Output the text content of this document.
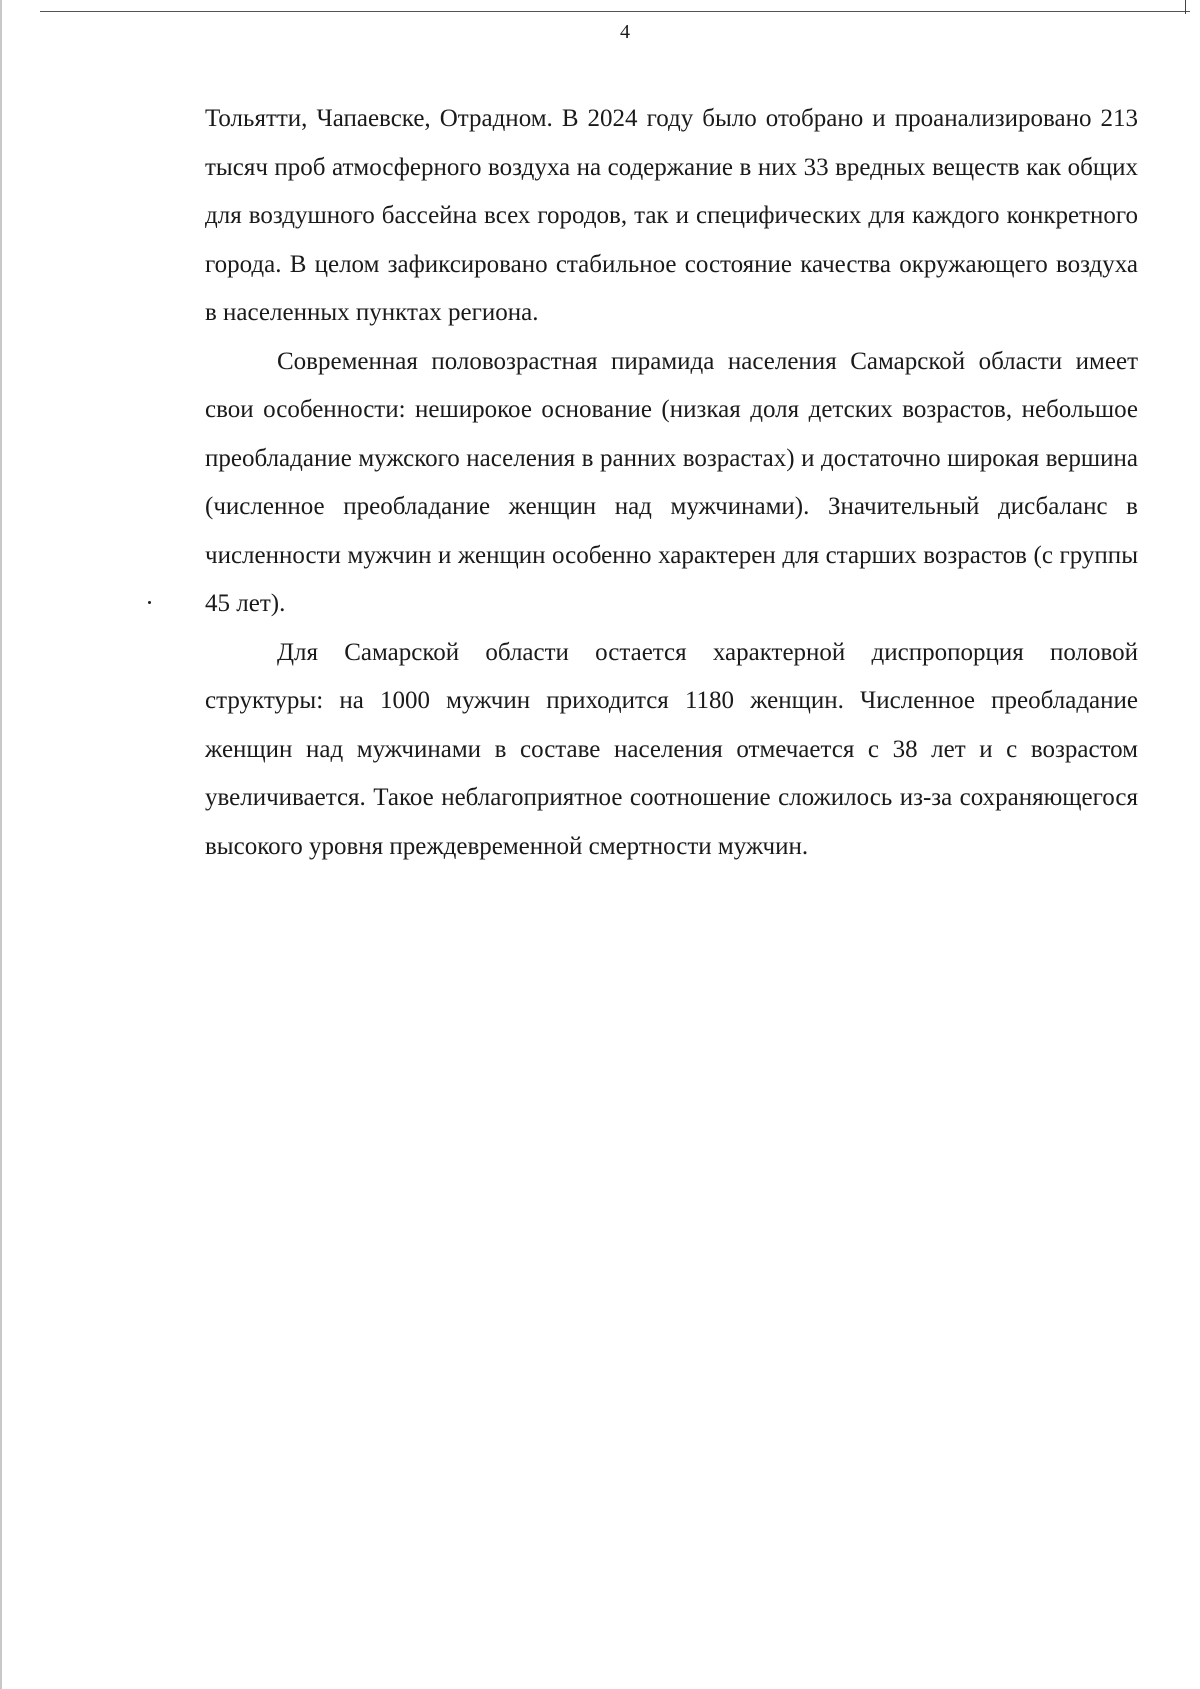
4

Тольятти, Чапаевске, Отрадном. В 2024 году было отобрано и проанализировано 213 тысяч проб атмосферного воздуха на содержание в них 33 вредных веществ как общих для воздушного бассейна всех городов, так и специфических для каждого конкретного города. В целом зафиксировано стабильное состояние качества окружающего воздуха в населенных пунктах региона.

Современная половозрастная пирамида населения Самарской области имеет свои особенности: неширокое основание (низкая доля детских возрастов, небольшое преобладание мужского населения в ранних возрастах) и достаточно широкая вершина (численное преобладание женщин над мужчинами). Значительный дисбаланс в численности мужчин и женщин особенно характерен для старших возрастов (с группы 45 лет).

Для Самарской области остается характерной диспропорция половой структуры: на 1000 мужчин приходится 1180 женщин. Численное преобладание женщин над мужчинами в составе населения отмечается с 38 лет и с возрастом увеличивается. Такое неблагоприятное соотношение сложилось из-за сохраняющегося высокого уровня преждевременной смертности мужчин.
